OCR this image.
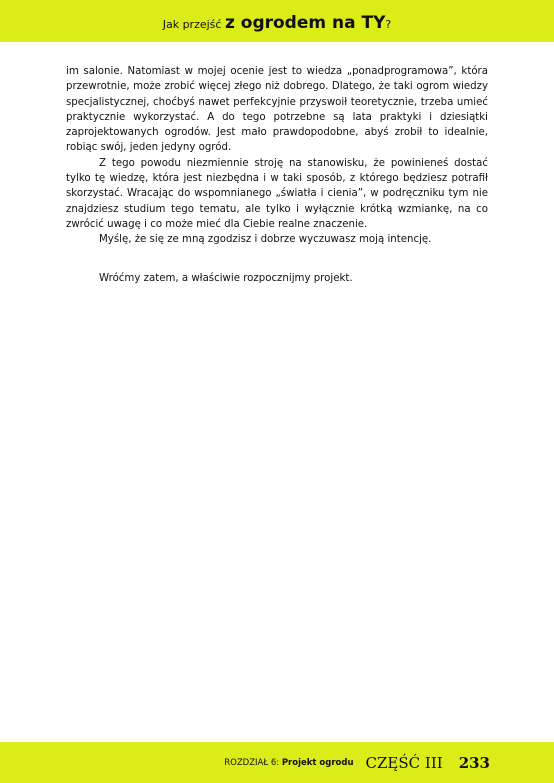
Jak przejść z ogrodem na TY?

im salonie. Natomiast w mojej ocenie jest to wiedza „ponadprogramowa”, która przewrotnie, może zrobić więcej złego niż dobrego. Dlatego, że taki ogrom wiedzy specjalistycznej, choćbyś nawet perfekcyjnie przyswoił teoretycznie, trzeba umieć praktycznie wykorzystać. A do tego potrzebne są lata praktyki i dziesiątki zaprojektowanych ogrodów. Jest mało prawdopodobne, abyś zrobił to idealnie, robiąc swój, jeden jedyny ogród.

Z tego powodu niezmiennie stroję na stanowisku, że powinieneś dostać tylko tę wiedzę, która jest niezbędna i w taki sposób, z którego będziesz potrafił skorzystać. Wracając do wspomnianego „światła i cienia”, w podręczniku tym nie znajdziesz studium tego tematu, ale tylko i wyłącznie krótką wzmiankę, na co zwrócić uwagę i co może mieć dla Ciebie realne znaczenie.

Myślę, że się ze mną zgodzisz i dobrze wyczuwasz moją intencję.

Wróćmy zatem, a właściwie rozpocznijmy projekt.

ROZDZIAŁ 6: Projekt ogrodu CZĘŚĆ III 233
